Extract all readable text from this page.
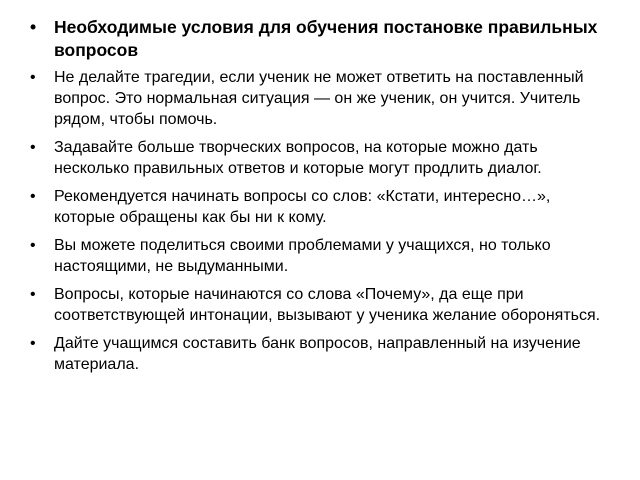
• Необходимые условия для обучения постановке правильных вопросов
• Не делайте трагедии, если ученик не может ответить на поставленный вопрос. Это нормальная ситуация — он же ученик, он учится. Учитель рядом, чтобы помочь.
• Задавайте больше творческих вопросов, на которые можно дать несколько правильных ответов и которые могут продлить диалог.
• Рекомендуется начинать вопросы со слов: «Кстати, интересно…», которые обращены как бы ни к кому.
• Вы можете поделиться своими проблемами у учащихся, но только настоящими, не выдуманными.
• Вопросы, которые начинаются со слова «Почему», да еще при соответствующей интонации, вызывают у ученика желание обороняться.
• Дайте учащимся составить банк вопросов, направленный на изучение материала.
